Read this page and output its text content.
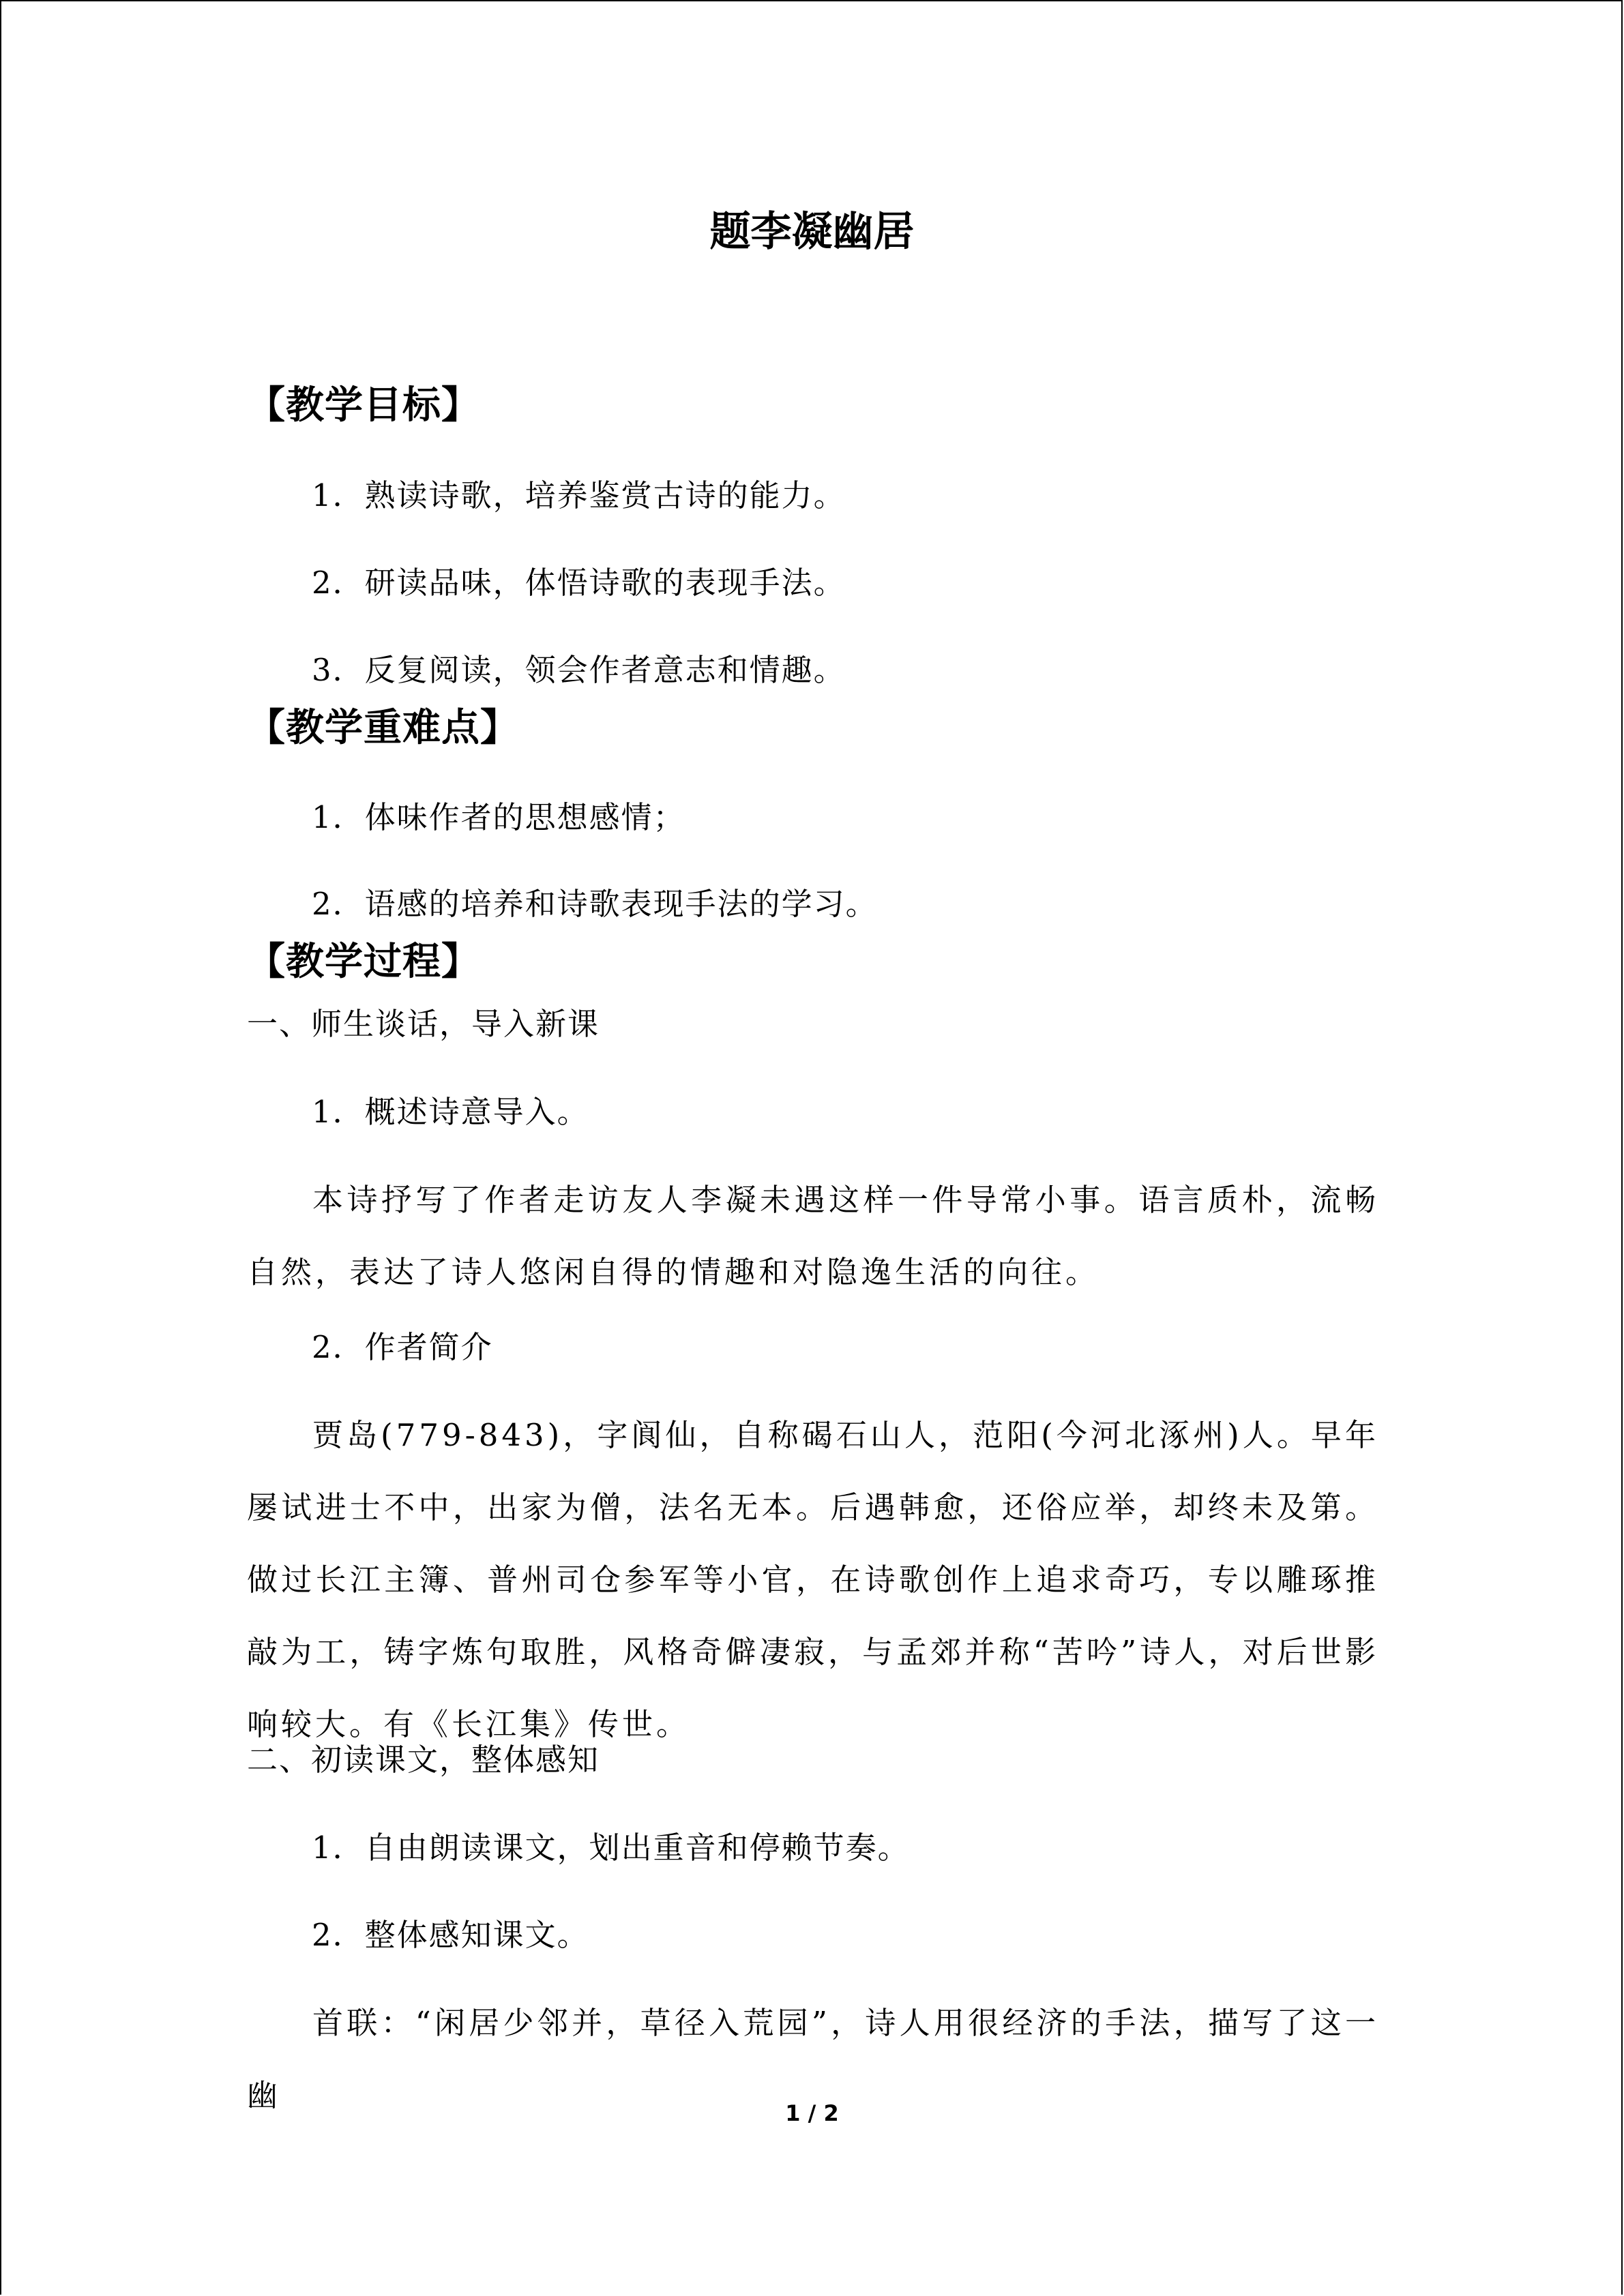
题李凝幽居
【教学目标】
1．熟读诗歌，培养鉴赏古诗的能力。
2．研读品味，体悟诗歌的表现手法。
3．反复阅读，领会作者意志和情趣。
【教学重难点】
1．体味作者的思想感情；
2．语感的培养和诗歌表现手法的学习。
【教学过程】
一、师生谈话，导入新课
1．概述诗意导入。

本诗抒写了作者走访友人李凝未遇这样一件导常小事。语言质朴，流畅自然，表达了诗人悠闲自得的情趣和对隐逸生活的向往。

2．作者简介

贾岛(779-843)，字阆仙，自称碣石山人，范阳(今河北涿州)人。早年屡试进士不中，出家为僧，法名无本。后遇韩愈，还俗应举，却终未及第。做过长江主簿、普州司仓参军等小官，在诗歌创作上追求奇巧，专以雕琢推敲为工，铸字炼句取胜，风格奇僻凄寂，与孟郊并称“苦吟”诗人，对后世影响较大。有《长江集》传世。

二、初读课文，整体感知
1．自由朗读课文，划出重音和停赖节奏。
2．整体感知课文。

首联：“闲居少邻并，草径入荒园”，诗人用很经济的手法，描写了这一幽	1 / 2
